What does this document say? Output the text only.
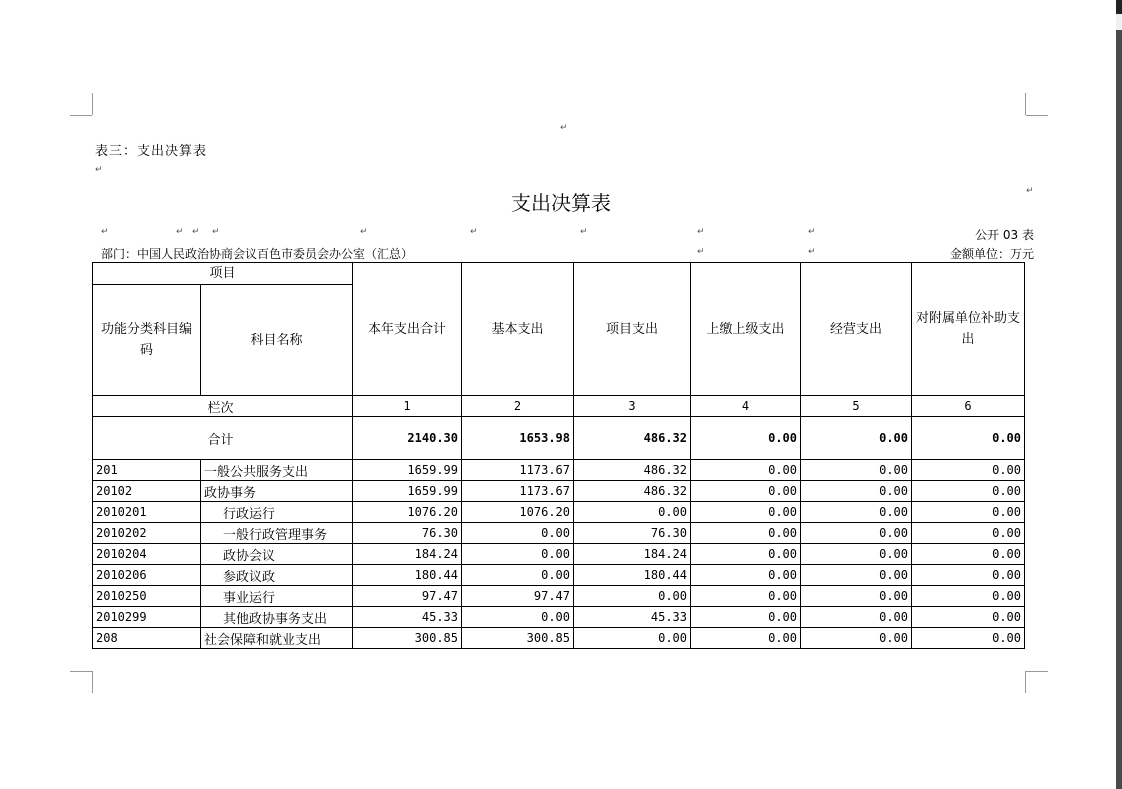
↵
↵
↵
↵	↵ ↵ ↵	↵	↵	↵	↵	↵
↵	↵
表三：支出决算表
支出决算表
公开 03 表
部门：中国人民政治协商会议百色市委员会办公室（汇总）	金额单位：万元
项目		本年支出合计	基本支出	项目支出	上缴上级支出	经营支出	对附属单位补助支出
功能分类科目编码	科目名称						
	栏次	1	2	3	4	5	6
	合计	2140.30	1653.98	486.32	0.00	0.00	0.00
201	一般公共服务支出	1659.99	1173.67	486.32	0.00	0.00	0.00
20102	政协事务	1659.99	1173.67	486.32	0.00	0.00	0.00
2010201	行政运行	1076.20	1076.20	0.00	0.00	0.00	0.00
2010202	一般行政管理事务	76.30	0.00	76.30	0.00	0.00	0.00
2010204	政协会议	184.24	0.00	184.24	0.00	0.00	0.00
2010206	参政议政	180.44	0.00	180.44	0.00	0.00	0.00
2010250	事业运行	97.47	97.47	0.00	0.00	0.00	0.00
2010299	其他政协事务支出	45.33	0.00	45.33	0.00	0.00	0.00
208	社会保障和就业支出	300.85	300.85	0.00	0.00	0.00	0.00
